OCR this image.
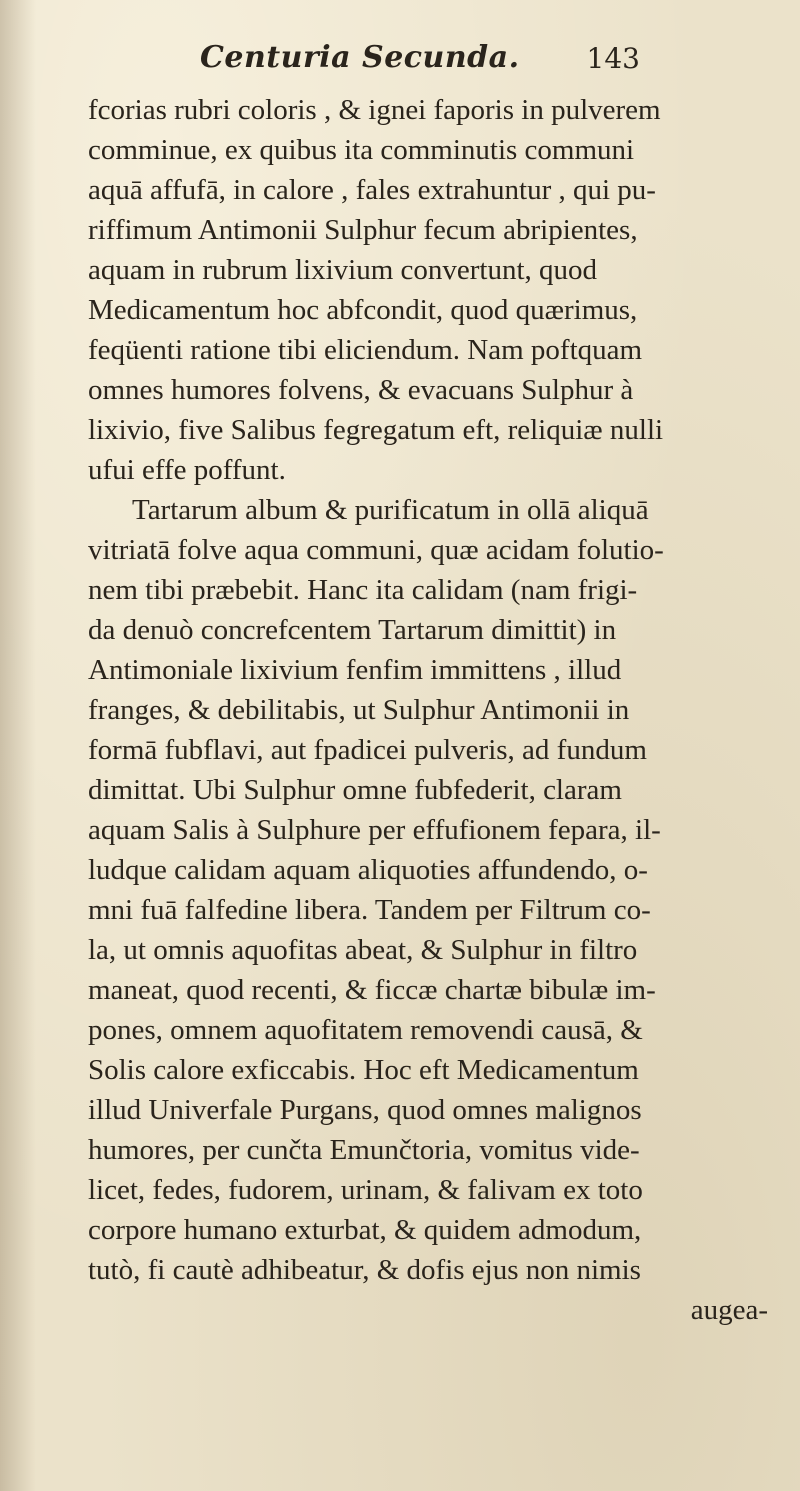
Centuria Secunda. 143
fcorias rubri coloris , & ignei faporis in pulverem
comminue, ex quibus ita comminutis communi
aquā affufā, in calore , fales extrahuntur , qui pu-
riffimum Antimonii Sulphur fecum abripientes,
aquam in rubrum lixivium convertunt, quod
Medicamentum hoc abfcondit, quod quærimus,
feqüenti ratione tibi eliciendum. Nam poftquam
omnes humores folvens, & evacuans Sulphur à
lixivio, five Salibus fegregatum eft, reliquiæ nulli
ufui effe poffunt.
Tartarum album & purificatum in ollā aliquā
vitriatā folve aqua communi, quæ acidam folutio-
nem tibi præbebit. Hanc ita calidam (nam frigi-
da denuò concrefcentem Tartarum dimittit) in
Antimoniale lixivium fenfim immittens , illud
franges, & debilitabis, ut Sulphur Antimonii in
formā fubflavi, aut fpadicei pulveris, ad fundum
dimittat. Ubi Sulphur omne fubfederit, claram
aquam Salis à Sulphure per effufionem fepara, il-
ludque calidam aquam aliquoties affundendo, o-
mni fuā falfedine libera. Tandem per Filtrum co-
la, ut omnis aquofitas abeat, & Sulphur in filtro
maneat, quod recenti, & ficcæ chartæ bibulæ im-
pones, omnem aquofitatem removendi causā, &
Solis calore exficcabis. Hoc eft Medicamentum
illud Univerfale Purgans, quod omnes malignos
humores, per cunčta Emunčtoria, vomitus vide-
licet, fedes, fudorem, urinam, & falivam ex toto
corpore humano exturbat, & quidem admodum,
tutò, fi cautè adhibeatur, & dofis ejus non nimis
augea-
